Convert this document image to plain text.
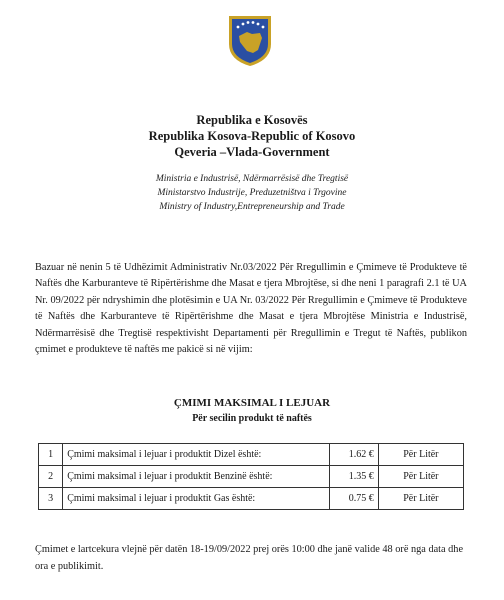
Republika e Kosovës
Republika Kosova-Republic of Kosovo
Qeveria –Vlada-Government
Ministria e Industrisë, Ndërmarrësisë dhe Tregtisë
Ministarstvo Industrije, Preduzetništva i Trgovine
Ministry of Industry,Entrepreneurship and Trade
Bazuar në nenin 5 të Udhëzimit Administrativ Nr.03/2022 Për Rregullimin e Çmimeve të Produkteve të Naftës dhe Karburanteve të Ripërtërishme dhe Masat e tjera Mbrojtëse, si dhe neni 1 paragrafi 2.1 të UA Nr. 09/2022 për ndryshimin dhe plotësimin e UA Nr. 03/2022 Për Rregullimin e Çmimeve të Produkteve të Naftës dhe Karburanteve të Ripërtërishme dhe Masat e tjera Mbrojtëse Ministria e Industrisë, Ndërmarrësisë dhe Tregtisë respektivisht Departamenti për Rregullimin e Tregut të Naftës, publikon çmimet e produkteve të naftës me pakicë si në vijim:
ÇMIMI MAKSIMAL I LEJUAR
Për secilin produkt të naftës
1	Çmimi maksimal i lejuar i produktit Dizel është:	1.62 €	Për Litër
2	Çmimi maksimal i lejuar i produktit Benzinë është:	1.35 €	Për Litër
3	Çmimi maksimal i lejuar i produktit Gas është:	0.75 €	Për Litër
Çmimet e lartcekura vlejnë për datën 18-19/09/2022 prej orës 10:00 dhe janë valide 48 orë nga data dhe ora e publikimit.
